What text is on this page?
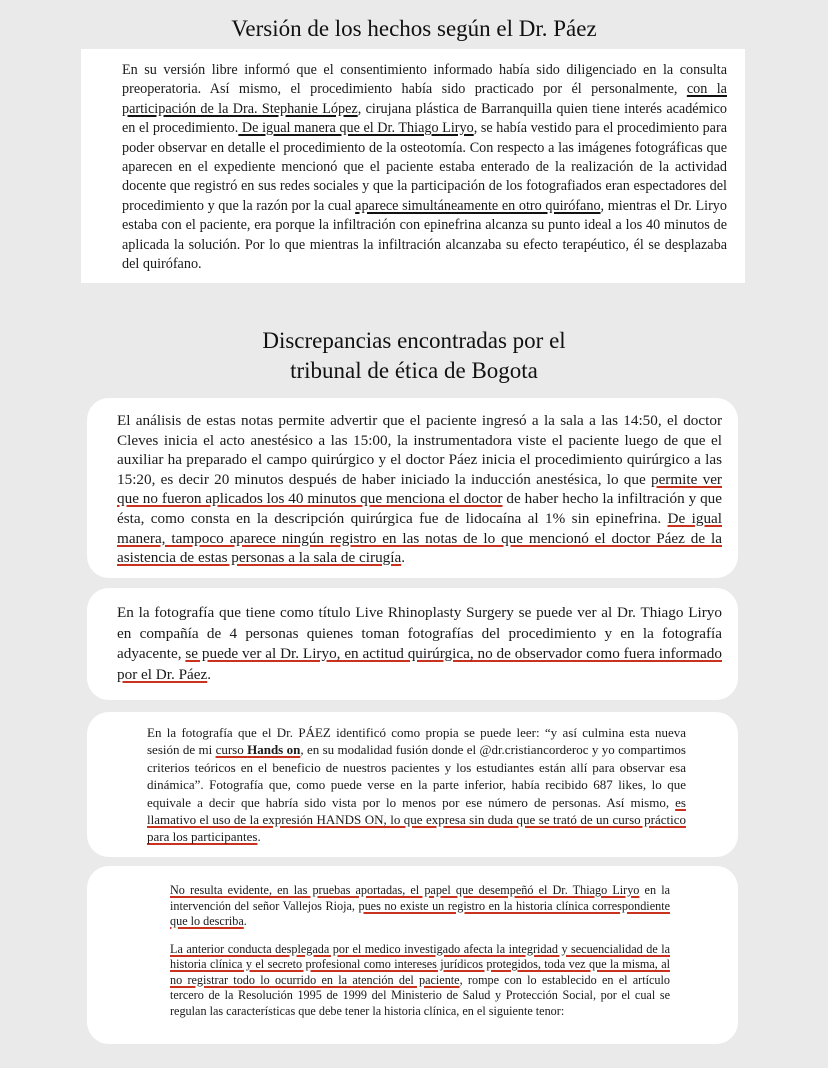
Versión de los hechos según el Dr. Páez

En su versión libre informó que el consentimiento informado había sido diligenciado en la consulta preoperatoria. Así mismo, el procedimiento había sido practicado por él personalmente, con la participación de la Dra. Stephanie López, cirujana plástica de Barranquilla quien tiene interés académico en el procedimiento. De igual manera que el Dr. Thiago Liryo, se había vestido para el procedimiento para poder observar en detalle el procedimiento de la osteotomía. Con respecto a las imágenes fotográficas que aparecen en el expediente mencionó que el paciente estaba enterado de la realización de la actividad docente que registró en sus redes sociales y que la participación de los fotografiados eran espectadores del procedimiento y que la razón por la cual aparece simultáneamente en otro quirófano, mientras el Dr. Liryo estaba con el paciente, era porque la infiltración con epinefrina alcanza su punto ideal a los 40 minutos de aplicada la solución. Por lo que mientras la infiltración alcanzaba su efecto terapéutico, él se desplazaba del quirófano.

Discrepancias encontradas por el
tribunal de ética de Bogota

El análisis de estas notas permite advertir que el paciente ingresó a la sala a las 14:50, el doctor Cleves inicia el acto anestésico a las 15:00, la instrumentadora viste el paciente luego de que el auxiliar ha preparado el campo quirúrgico y el doctor Páez inicia el procedimiento quirúrgico a las 15:20, es decir 20 minutos después de haber iniciado la inducción anestésica, lo que permite ver que no fueron aplicados los 40 minutos que menciona el doctor de haber hecho la infiltración y que ésta, como consta en la descripción quirúrgica fue de lidocaína al 1% sin epinefrina. De igual manera, tampoco aparece ningún registro en las notas de lo que mencionó el doctor Páez de la asistencia de estas personas a la sala de cirugía.

En la fotografía que tiene como título Live Rhinoplasty Surgery se puede ver al Dr. Thiago Liryo en compañía de 4 personas quienes toman fotografías del procedimiento y en la fotografía adyacente, se puede ver al Dr. Liryo, en actitud quirúrgica, no de observador como fuera informado por el Dr. Páez.

En la fotografía que el Dr. PÁEZ identificó como propia se puede leer: “y así culmina esta nueva sesión de mi curso Hands on, en su modalidad fusión donde el @dr.cristiancorderoc y yo compartimos criterios teóricos en el beneficio de nuestros pacientes y los estudiantes están allí para observar esa dinámica”. Fotografía que, como puede verse en la parte inferior, había recibido 687 likes, lo que equivale a decir que habría sido vista por lo menos por ese número de personas. Así mismo, es llamativo el uso de la expresión HANDS ON, lo que expresa sin duda que se trató de un curso práctico para los participantes.

No resulta evidente, en las pruebas aportadas, el papel que desempeñó el Dr. Thiago Liryo en la intervención del señor Vallejos Rioja, pues no existe un registro en la historia clínica correspondiente que lo describa.

La anterior conducta desplegada por el medico investigado afecta la integridad y secuencialidad de la historia clínica y el secreto profesional como intereses jurídicos protegidos, toda vez que la misma, al no registrar todo lo ocurrido en la atención del paciente, rompe con lo establecido en el artículo tercero de la Resolución 1995 de 1999 del Ministerio de Salud y Protección Social, por el cual se regulan las características que debe tener la historia clínica, en el siguiente tenor:
